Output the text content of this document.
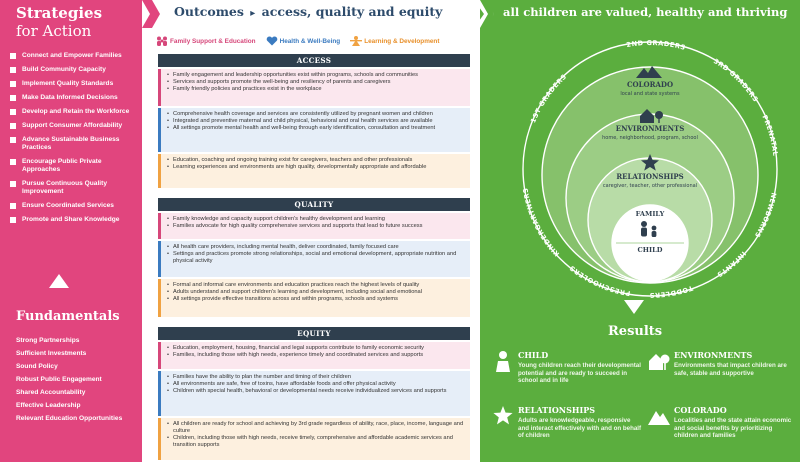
Strategies
for Action
Connect and Empower Families
Build Community Capacity
Implement Quality Standards
Make Data Informed Decisions
Develop and Retain the Workforce
Support Consumer Affordability
Advance Sustainable Business Practices
Encourage Public Private Approaches
Pursue Continuous Quality Improvement
Ensure Coordinated Services
Promote and Share Knowledge
Fundamentals
Strong Partnerships
Sufficient Investments
Sound Policy
Robust Public Engagement
Shared Accountability
Effective Leadership
Relevant Education Opportunities
Outcomes ▸ access, quality and equity
Family Support & Education	Health & Well-Being	Learning & Development
ACCESS
• Family engagement and leadership opportunities exist within programs, schools and communities
• Services and supports promote the well-being and resiliency of parents and caregivers
• Family friendly policies and practices exist in the workplace
• Comprehensive health coverage and services are consistently utilized by pregnant women and children
• Integrated and preventive maternal and child physical, behavioral and oral health services are available
• All settings promote mental health and well-being through early identification, consultation and treatment
• Education, coaching and ongoing training exist for caregivers, teachers and other professionals
• Learning experiences and environments are high quality, developmentally appropriate and affordable
QUALITY
• Family knowledge and capacity support children's healthy development and learning
• Families advocate for high quality comprehensive services and supports that lead to future success
• All health care providers, including mental health, deliver coordinated, family focused care
• Settings and practices promote strong relationships, social and emotional development, appropriate nutrition and physical activity
• Formal and informal care environments and education practices reach the highest levels of quality
• Adults understand and support children's learning and development, including social and emotional
• All settings provide effective transitions across and within programs, schools and systems
EQUITY
• Education, employment, housing, financial and legal supports contribute to family economic security
• Families, including those with high needs, experience timely and coordinated services and supports
• Families have the ability to plan the number and timing of their children
• All environments are safe, free of toxins, have affordable foods and offer physical activity
• Children with special health, behavioral or developmental needs receive individualized services and supports
• All children are ready for school and achieving by 3rd grade regardless of ability, race, place, income, language and culture
• Children, including those with high needs, receive timely, comprehensive and affordable academic services and transition supports
all children are valued, healthy and thriving
PRENATAL
3RD GRADERS
NEWBORNS
INFANTS
TODDLERS
PRESCHOOLERS
KINDERGARTNERS
1ST GRADERS
2ND GRADERS
COLORADO
local and state systems
ENVIRONMENTS
home, neighborhood, program, school
RELATIONSHIPS
caregiver, teacher, other professional
FAMILY
CHILD
Results
CHILD
Young children reach their developmental potential and are ready to succeed in school and in life
ENVIRONMENTS
Environments that impact children are safe, stable and supportive
RELATIONSHIPS
Adults are knowledgeable, responsive and interact effectively with and on behalf of children
COLORADO
Localities and the state attain economic and social benefits by prioritizing children and families
